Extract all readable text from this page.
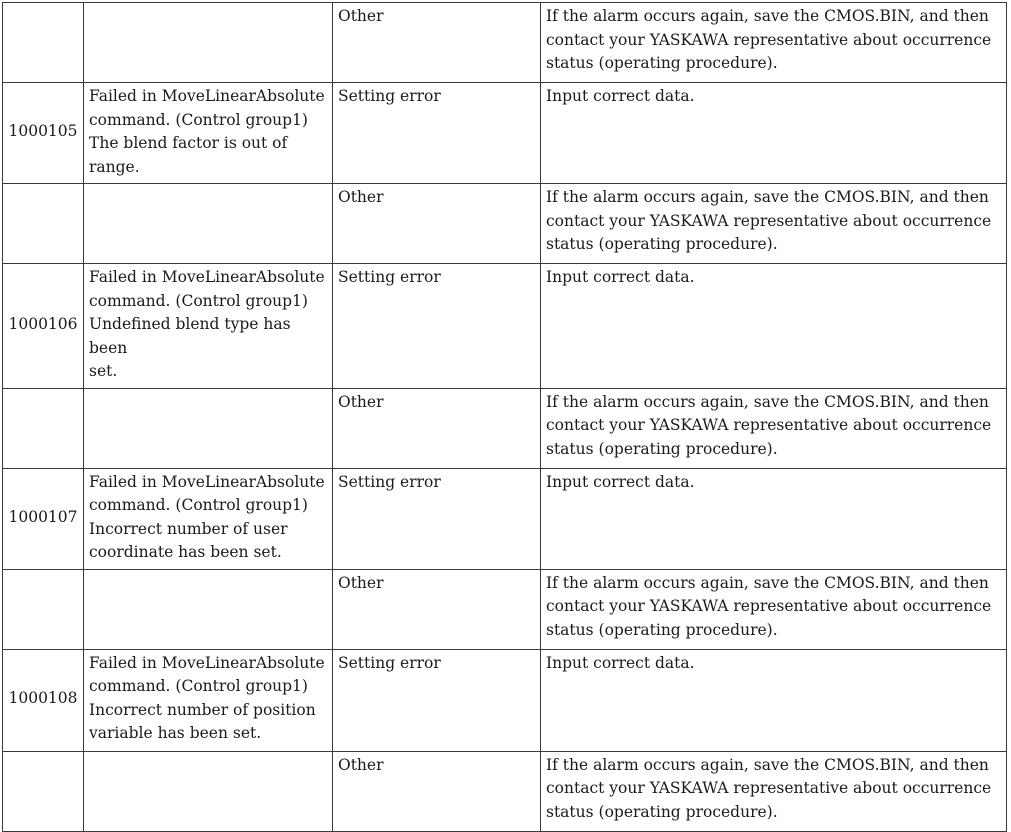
		Other	If the alarm occurs again, save the CMOS.BIN, and then
contact your YASKAWA representative about occurrence
status (operating procedure).
1000105	Failed in MoveLinearAbsolute
command. (Control group1)
The blend factor is out of range.	Setting error	Input correct data.
		Other	If the alarm occurs again, save the CMOS.BIN, and then
contact your YASKAWA representative about occurrence
status (operating procedure).
1000106	Failed in MoveLinearAbsolute
command. (Control group1)
Undefined blend type has been
set.	Setting error	Input correct data.
		Other	If the alarm occurs again, save the CMOS.BIN, and then
contact your YASKAWA representative about occurrence
status (operating procedure).
1000107	Failed in MoveLinearAbsolute
command. (Control group1)
Incorrect number of user
coordinate has been set.	Setting error	Input correct data.
		Other	If the alarm occurs again, save the CMOS.BIN, and then
contact your YASKAWA representative about occurrence
status (operating procedure).
1000108	Failed in MoveLinearAbsolute
command. (Control group1)
Incorrect number of position
variable has been set.	Setting error	Input correct data.
		Other	If the alarm occurs again, save the CMOS.BIN, and then
contact your YASKAWA representative about occurrence
status (operating procedure).
